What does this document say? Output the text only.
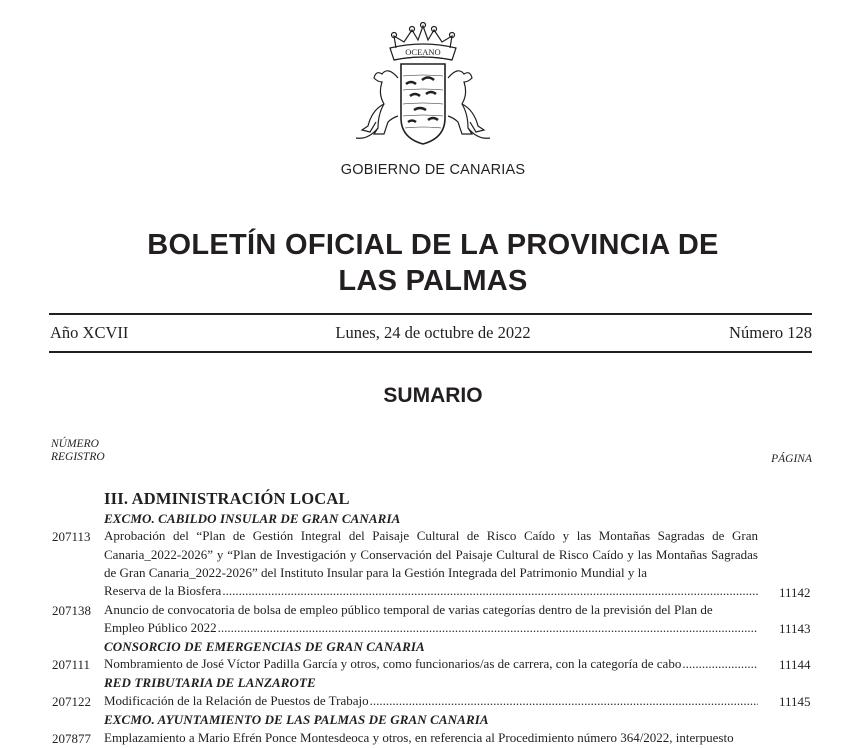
OCEANO
GOBIERNO DE CANARIAS
BOLETÍN OFICIAL DE LA PROVINCIA DE
LAS PALMAS
Año XCVII	Lunes, 24 de octubre de 2022	Número 128
SUMARIO
NÚMERO
REGISTRO	PÁGINA
III. ADMINISTRACIÓN LOCAL
EXCMO. CABILDO INSULAR DE GRAN CANARIA
207113 Aprobación del “Plan de Gestión Integral del Paisaje Cultural de Risco Caído y las Montañas Sagradas de Gran Canaria_2022-2026” y “Plan de Investigación y Conservación del Paisaje Cultural de Risco Caído y las Montañas Sagradas de Gran Canaria_2022-2026” del Instituto Insular para la Gestión Integrada del Patrimonio Mundial y la

Reserva de la Biosfera .....	11142
207138 Anuncio de convocatoria de bolsa de empleo público temporal de varias categorías dentro de la previsión del Plan de

Empleo Público 2022 .....	11143
CONSORCIO DE EMERGENCIAS DE GRAN CANARIA
207111 Nombramiento de José Víctor Padilla García y otros, como funcionarios/as de carrera, con la categoría de cabo .....	11144
RED TRIBUTARIA DE LANZAROTE
207122 Modificación de la Relación de Puestos de Trabajo .....	11145
EXCMO. AYUNTAMIENTO DE LAS PALMAS DE GRAN CANARIA
207877 Emplazamiento a Mario Efrén Ponce Montesdeoca y otros, en referencia al Procedimiento número 364/2022, interpuesto
